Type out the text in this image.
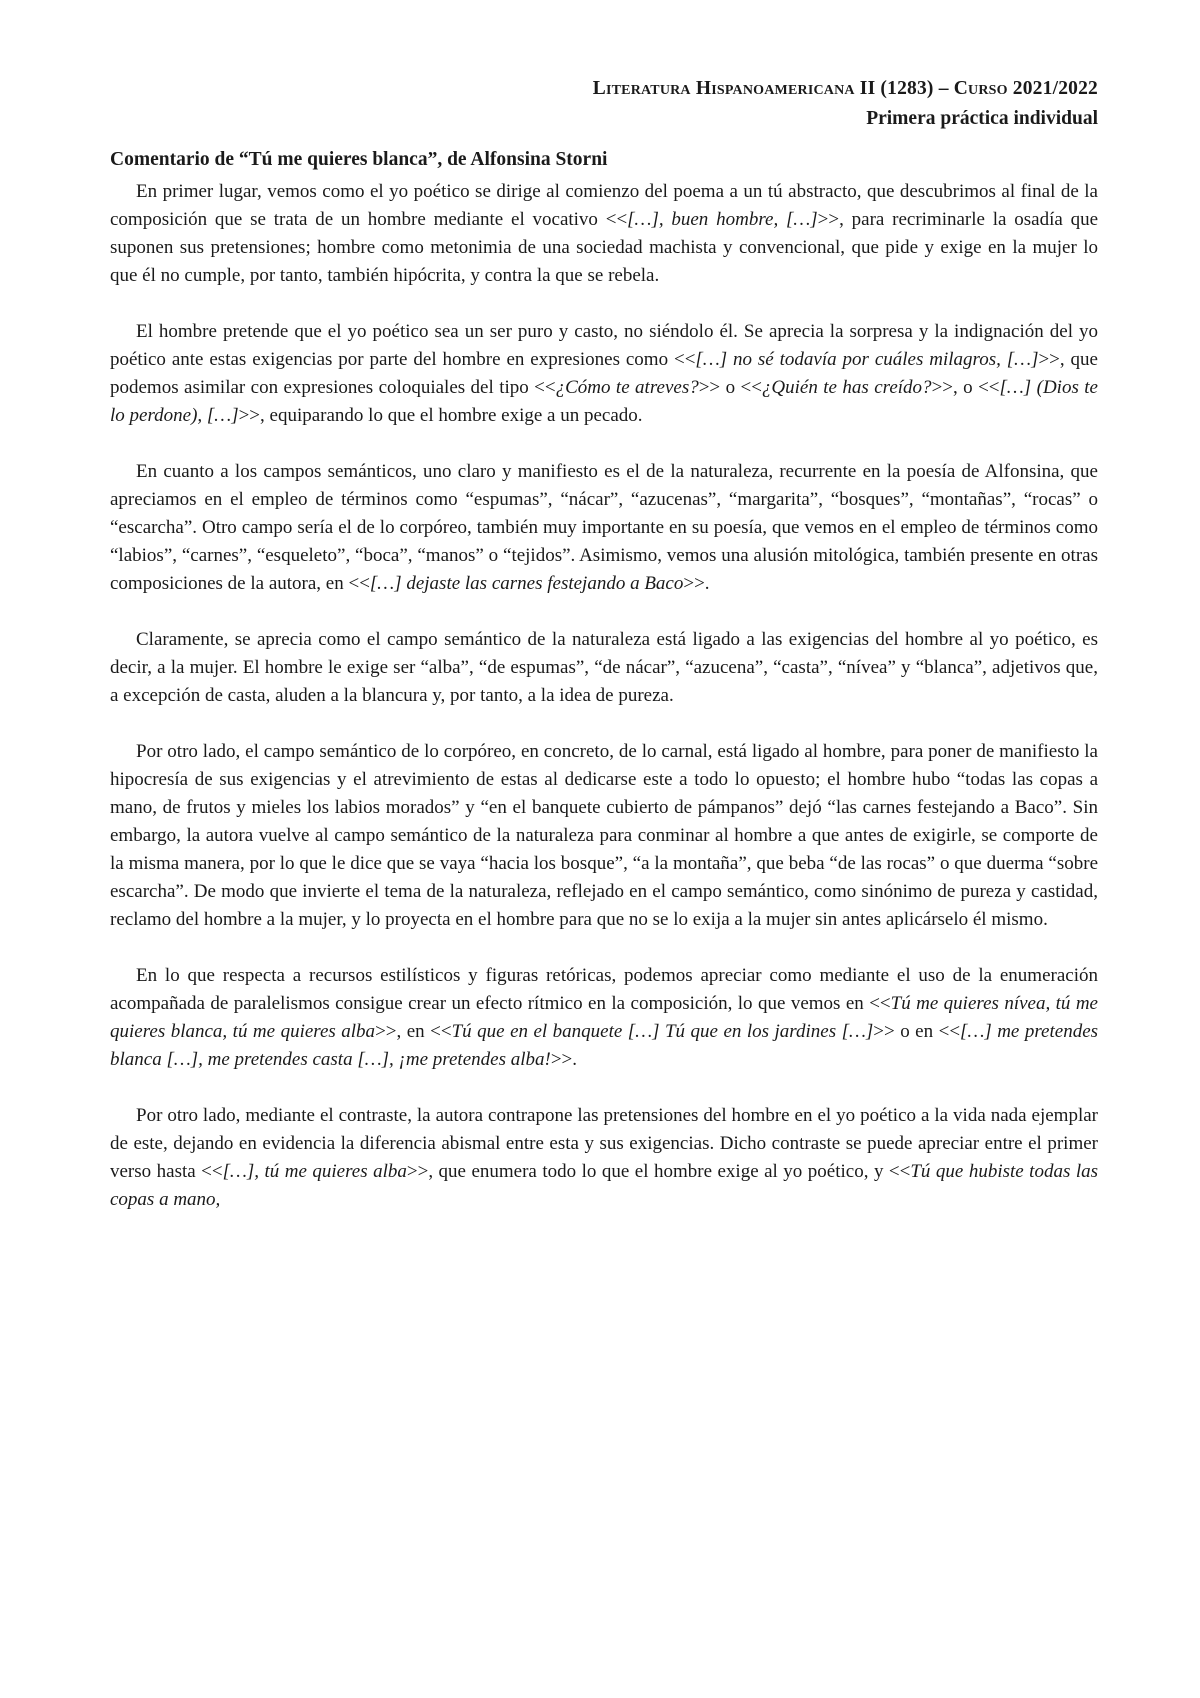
Literatura Hispanoamericana II (1283) – Curso 2021/2022
Primera práctica individual
Comentario de “Tú me quieres blanca”, de Alfonsina Storni

En primer lugar, vemos como el yo poético se dirige al comienzo del poema a un tú abstracto, que descubrimos al final de la composición que se trata de un hombre mediante el vocativo <<[…], buen hombre, […]>>, para recriminarle la osadía que suponen sus pretensiones; hombre como metonimia de una sociedad machista y convencional, que pide y exige en la mujer lo que él no cumple, por tanto, también hipócrita, y contra la que se rebela.

El hombre pretende que el yo poético sea un ser puro y casto, no siéndolo él. Se aprecia la sorpresa y la indignación del yo poético ante estas exigencias por parte del hombre en expresiones como <<[…] no sé todavía por cuáles milagros, […]>>, que podemos asimilar con expresiones coloquiales del tipo <<¿Cómo te atreves?>> o <<¿Quién te has creído?>>, o <<[…] (Dios te lo perdone), […]>>, equiparando lo que el hombre exige a un pecado.

En cuanto a los campos semánticos, uno claro y manifiesto es el de la naturaleza, recurrente en la poesía de Alfonsina, que apreciamos en el empleo de términos como “espumas”, “nácar”, “azucenas”, “margarita”, “bosques”, “montañas”, “rocas” o “escarcha”. Otro campo sería el de lo corpóreo, también muy importante en su poesía, que vemos en el empleo de términos como “labios”, “carnes”, “esqueleto”, “boca”, “manos” o “tejidos”. Asimismo, vemos una alusión mitológica, también presente en otras composiciones de la autora, en <<[…] dejaste las carnes festejando a Baco>>.

Claramente, se aprecia como el campo semántico de la naturaleza está ligado a las exigencias del hombre al yo poético, es decir, a la mujer. El hombre le exige ser “alba”, “de espumas”, “de nácar”, “azucena”, “casta”, “nívea” y “blanca”, adjetivos que, a excepción de casta, aluden a la blancura y, por tanto, a la idea de pureza.

Por otro lado, el campo semántico de lo corpóreo, en concreto, de lo carnal, está ligado al hombre, para poner de manifiesto la hipocresía de sus exigencias y el atrevimiento de estas al dedicarse este a todo lo opuesto; el hombre hubo “todas las copas a mano, de frutos y mieles los labios morados” y “en el banquete cubierto de pámpanos” dejó “las carnes festejando a Baco”. Sin embargo, la autora vuelve al campo semántico de la naturaleza para conminar al hombre a que antes de exigirle, se comporte de la misma manera, por lo que le dice que se vaya “hacia los bosque”, “a la montaña”, que beba “de las rocas” o que duerma “sobre escarcha”. De modo que invierte el tema de la naturaleza, reflejado en el campo semántico, como sinónimo de pureza y castidad, reclamo del hombre a la mujer, y lo proyecta en el hombre para que no se lo exija a la mujer sin antes aplicárselo él mismo.

En lo que respecta a recursos estilísticos y figuras retóricas, podemos apreciar como mediante el uso de la enumeración acompañada de paralelismos consigue crear un efecto rítmico en la composición, lo que vemos en <<Tú me quieres nívea, tú me quieres blanca, tú me quieres alba>>, en <<Tú que en el banquete […] Tú que en los jardines […]>> o en <<[…] me pretendes blanca […], me pretendes casta […], ¡me pretendes alba!>>.

Por otro lado, mediante el contraste, la autora contrapone las pretensiones del hombre en el yo poético a la vida nada ejemplar de este, dejando en evidencia la diferencia abismal entre esta y sus exigencias. Dicho contraste se puede apreciar entre el primer verso hasta <<[…], tú me quieres alba>>, que enumera todo lo que el hombre exige al yo poético, y <<Tú que hubiste todas las copas a mano,
